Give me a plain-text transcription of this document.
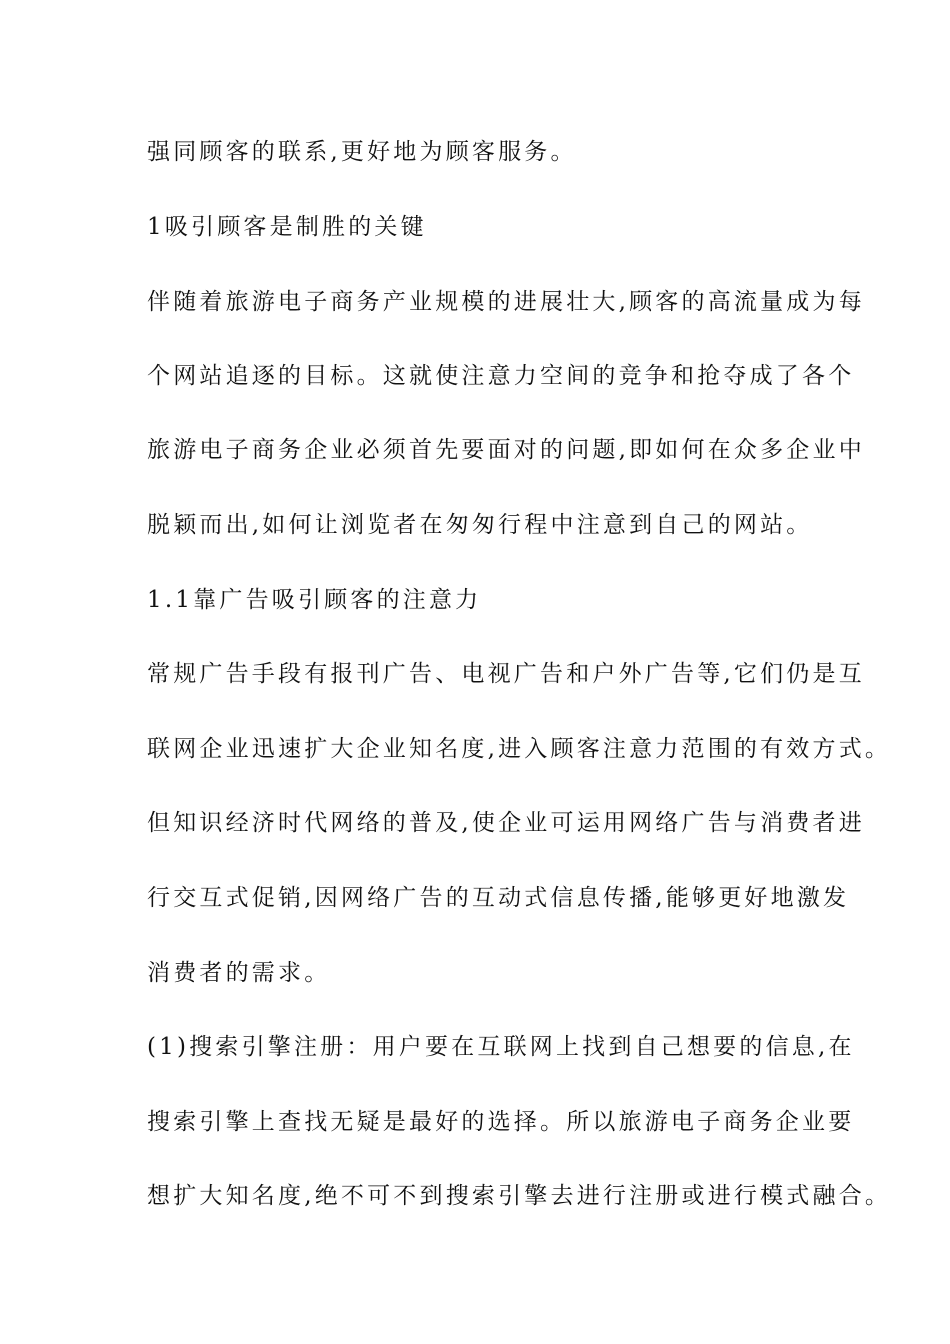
强同顾客的联系,更好地为顾客服务。
1吸引顾客是制胜的关键
伴随着旅游电子商务产业规模的进展壮大,顾客的高流量成为每
个网站追逐的目标。这就使注意力空间的竞争和抢夺成了各个
旅游电子商务企业必须首先要面对的问题,即如何在众多企业中
脱颖而出,如何让浏览者在匆匆行程中注意到自己的网站。
1.1靠广告吸引顾客的注意力
常规广告手段有报刊广告、电视广告和户外广告等,它们仍是互
联网企业迅速扩大企业知名度,进入顾客注意力范围的有效方式。
但知识经济时代网络的普及,使企业可运用网络广告与消费者进
行交互式促销,因网络广告的互动式信息传播,能够更好地激发
消费者的需求。
(1)搜索引擎注册：用户要在互联网上找到自己想要的信息,在
搜索引擎上查找无疑是最好的选择。所以旅游电子商务企业要
想扩大知名度,绝不可不到搜索引擎去进行注册或进行模式融合。
